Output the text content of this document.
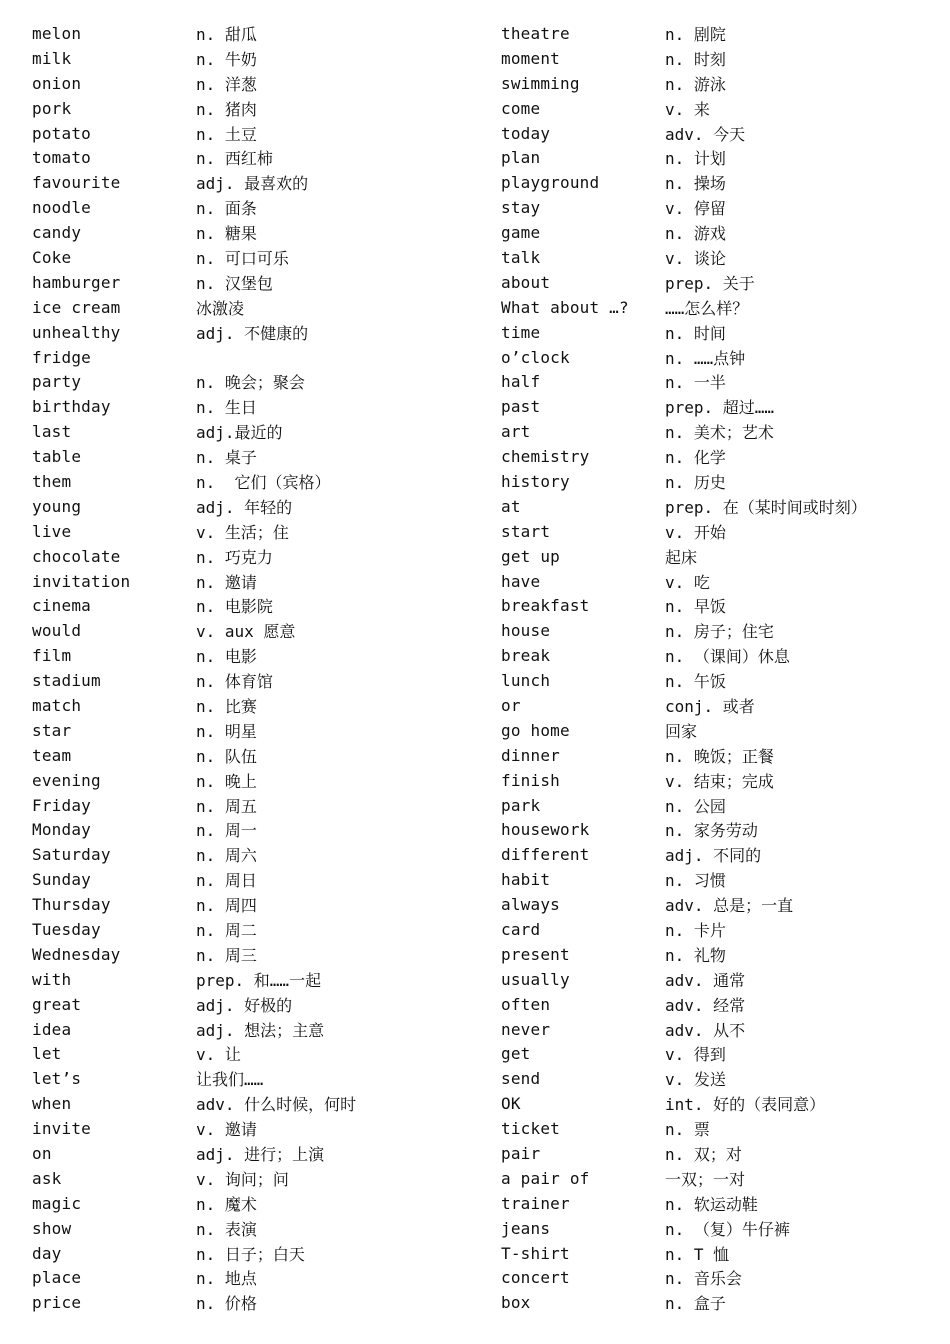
melon	n. 甜瓜
milk	n. 牛奶
onion	n. 洋葱
pork	n. 猪肉
potato	n. 土豆
tomato	n. 西红柿
favourite	adj. 最喜欢的
noodle	n. 面条
candy	n. 糖果
Coke	n. 可口可乐
hamburger	n. 汉堡包
ice cream	冰激凌
unhealthy	adj. 不健康的
fridge
party	n. 晚会；聚会
birthday	n. 生日
last	adj.最近的
table	n. 桌子
them	n.  它们（宾格）
young	adj. 年轻的
live	v. 生活；住
chocolate	n. 巧克力
invitation	n. 邀请
cinema	n. 电影院
would	v. aux 愿意
film	n. 电影
stadium	n. 体育馆
match	n. 比赛
star	n. 明星
team	n. 队伍
evening	n. 晚上
Friday	n. 周五
Monday	n. 周一
Saturday	n. 周六
Sunday	n. 周日
Thursday	n. 周四
Tuesday	n. 周二
Wednesday	n. 周三
with	prep. 和……一起
great	adj. 好极的
idea	adj. 想法；主意
let	v. 让
let’s	让我们……
when	adv. 什么时候，何时
invite	v. 邀请
on	adj. 进行；上演
ask	v. 询问；问
magic	n. 魔术
show	n. 表演
day	n. 日子；白天
place	n. 地点
price	n. 价格
theatre	n. 剧院
moment	n. 时刻
swimming	n. 游泳
come	v. 来
today	adv. 今天
plan	n. 计划
playground	n. 操场
stay	v. 停留
game	n. 游戏
talk	v. 谈论
about	prep. 关于
What about …?	……怎么样？
time	n. 时间
o’clock	n. ……点钟
half	n. 一半
past	prep. 超过……
art	n. 美术；艺术
chemistry	n. 化学
history	n. 历史
at	prep. 在（某时间或时刻）
start	v. 开始
get up	起床
have	v. 吃
breakfast	n. 早饭
house	n. 房子；住宅
break	n. （课间）休息
lunch	n. 午饭
or	conj. 或者
go home	回家
dinner	n. 晚饭；正餐
finish	v. 结束；完成
park	n. 公园
housework	n. 家务劳动
different	adj. 不同的
habit	n. 习惯
always	adv. 总是；一直
card	n. 卡片
present	n. 礼物
usually	adv. 通常
often	adv. 经常
never	adv. 从不
get	v. 得到
send	v. 发送
OK	int. 好的（表同意）
ticket	n. 票
pair	n. 双；对
a pair of	一双；一对
trainer	n. 软运动鞋
jeans	n. （复）牛仔裤
T-shirt	n. T 恤
concert	n. 音乐会
box	n. 盒子
